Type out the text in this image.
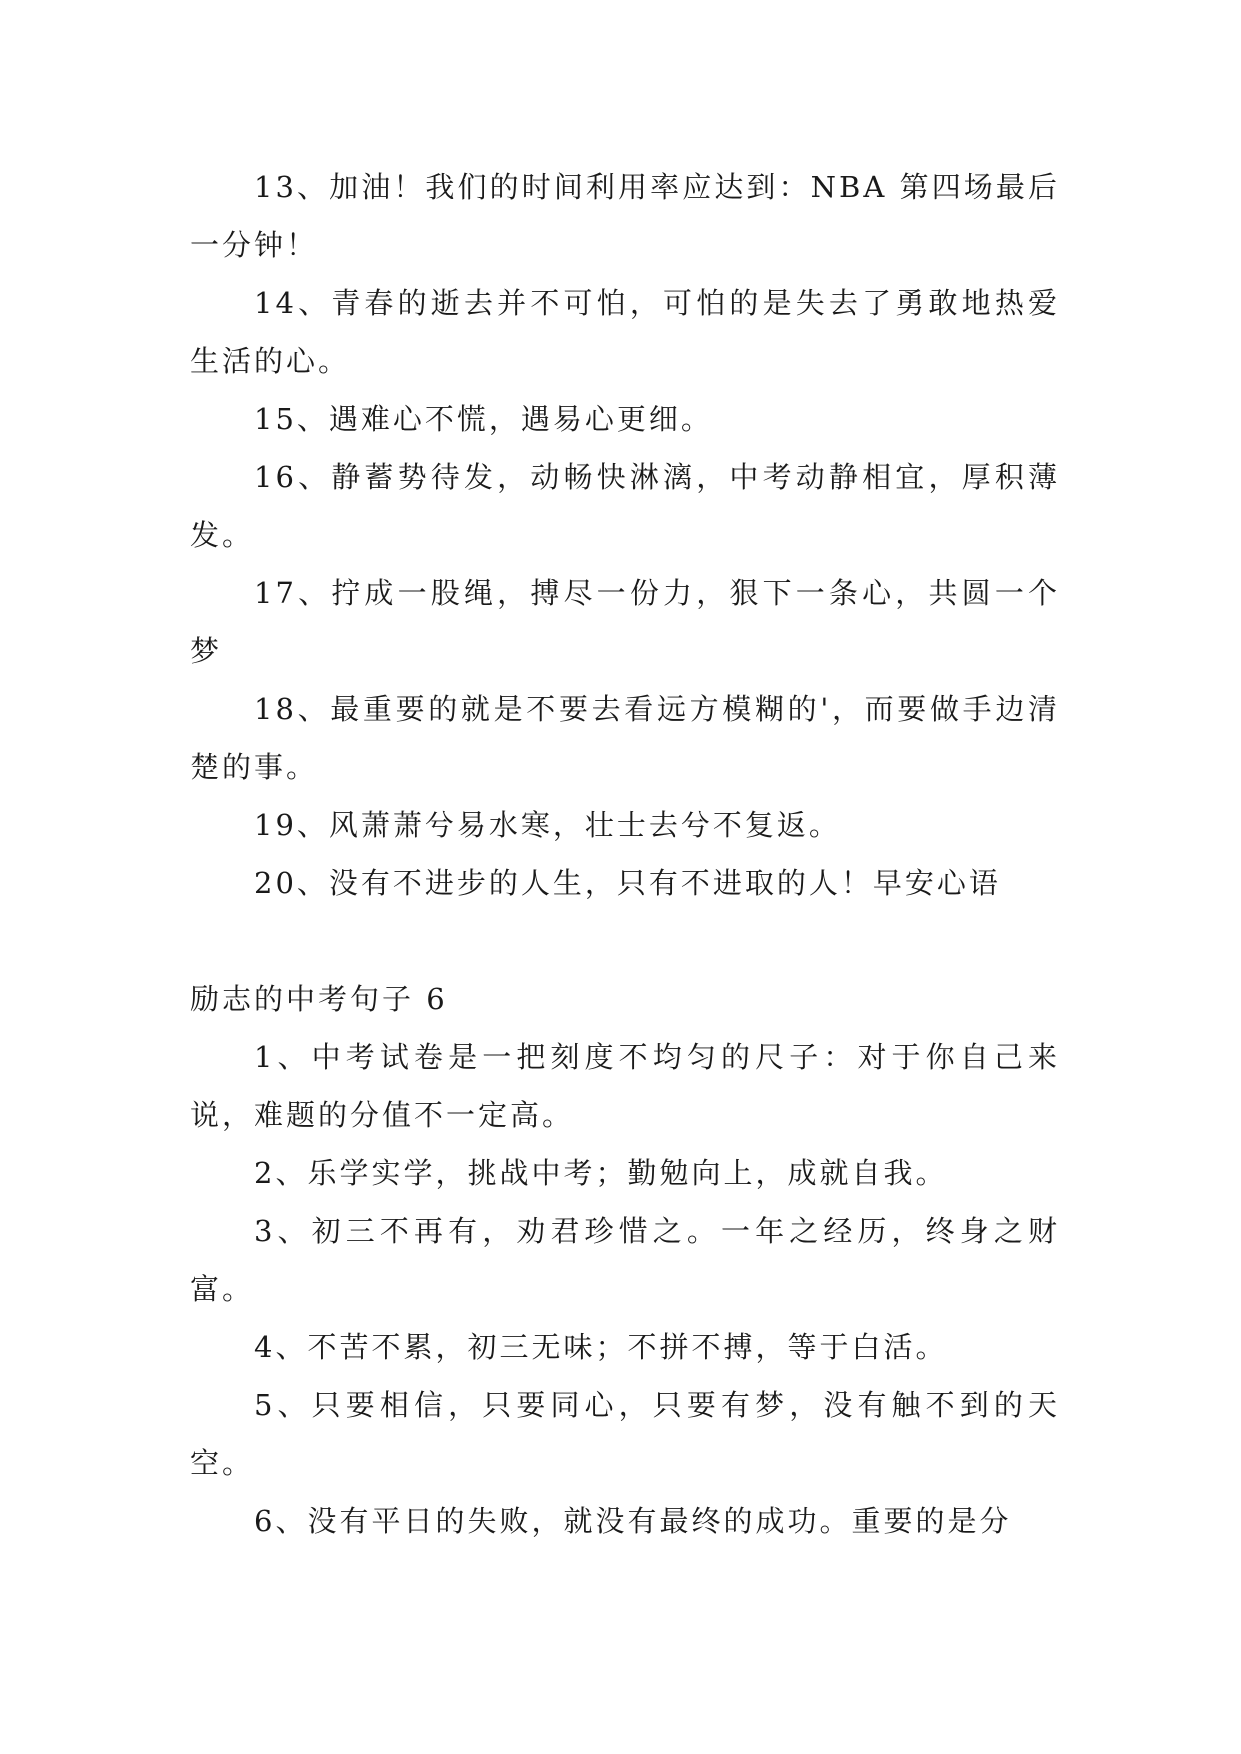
13、加油！我们的时间利用率应达到：NBA 第四场最后一分钟！

14、青春的逝去并不可怕，可怕的是失去了勇敢地热爱生活的心。

15、遇难心不慌，遇易心更细。

16、静蓄势待发，动畅快淋漓，中考动静相宜，厚积薄发。

17、拧成一股绳，搏尽一份力，狠下一条心，共圆一个梦

18、最重要的就是不要去看远方模糊的'，而要做手边清楚的事。

19、风萧萧兮易水寒，壮士去兮不复返。

20、没有不进步的人生，只有不进取的人！早安心语

励志的中考句子 6

1、中考试卷是一把刻度不均匀的尺子：对于你自己来说，难题的分值不一定高。

2、乐学实学，挑战中考；勤勉向上，成就自我。

3、初三不再有，劝君珍惜之。一年之经历，终身之财富。

4、不苦不累，初三无味；不拼不搏，等于白活。

5、只要相信，只要同心，只要有梦，没有触不到的天空。

6、没有平日的失败，就没有最终的成功。重要的是分
